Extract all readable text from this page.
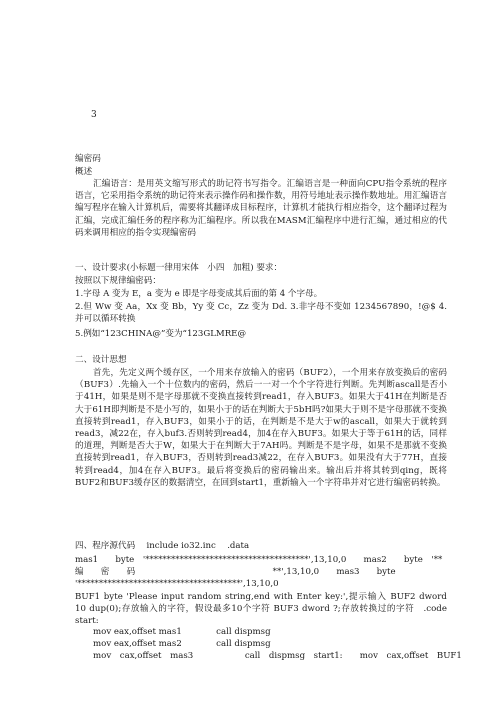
3
编密码
概述
汇编语言：是用英文缩写形式的助记符书写指令。汇编语言是一种面向CPU指令系统的程序语言，它采用指令系统的助记符来表示操作码和操作数，用符号地址表示操作数地址。用汇编语言编写程序在输入计算机后，需要将其翻译成目标程序，计算机才能执行相应指令，这个翻译过程为汇编，完成汇编任务的程序称为汇编程序。所以我在MASM汇编程序中进行汇编，通过相应的代码来调用相应的指令实现编密码
一、设计要求(小标题一律用宋体　小四　加粗) 要求：
按照以下规律编密码：
1.字母 A 变为 E，a 变为 e 即是字母变成其后面的第 4 个字母。
2.但 Ww 变 Aa，Xx 变 Bb，Yy 变 Cc，Zz 变为 Dd. 3.非字母不变如 1234567890，!@$ 4. 并可以循环转换
5.例如“123CHINA@”变为“123GLMRE@
二、设计思想
首先，先定义两个缓存区，一个用来存放输入的密码（BUF2），一个用来存放变换后的密码（BUF3）.先输入一个十位数内的密码，然后一一对一个个字符进行判断。先判断ascall是否小于41H，如果是则不是字母那就不变换直接转到read1，存入BUF3。如果大于41H在判断是否大于61H即判断是不是小写的，如果小于的话在判断大于5bH吗?如果大于则不是字母那就不变换直接转到read1，存入BUF3，如果小于的话，在判断是不是大于w的ascall，如果大于就转到read3，减22在，存入buf3.否则转到read4，加4在存入BUF3。如果大于等于61H的话，同样的道理，判断是否大于W，如果大于在判断大于7AH吗。判断是不是字母，如果不是那就不变换直接转到read1，存入BUF3，否则转到read3减22，在存入BUF3。如果没有大于77H，直接转到read4，加4在存入BUF3。最后将变换后的密码输出来。输出后并将其转到qing，既将BUF2和BUF3缓存区的数据清空，在回到start1，重新输入一个字符串并对它进行编密码转换。
四、程序源代码　 include io32.inc　 .data
mas1　　byte　'**************************************',13,10,0　　mas2　　byte　'**
编　　密　　码　　　　　　　　　　　　　　　　**',13,10,0　　mas3　　byte
'**************************************',13,10,0
BUF1 byte 'Please input random string,end with Enter key:',提示输入 BUF2 dword 10 dup(0);存放输入的字符，假设最多10个字符 BUF3 dword ?;存放转换过的字符　.code start:
mov eax,offset mas1　　　　call dispmsg
mov eax,offset mas2　　　　call dispmsg
mov　cax,offset　mas3　　　　　　call　dispmsg　start1:　　mov　cax,offset　BUF1
